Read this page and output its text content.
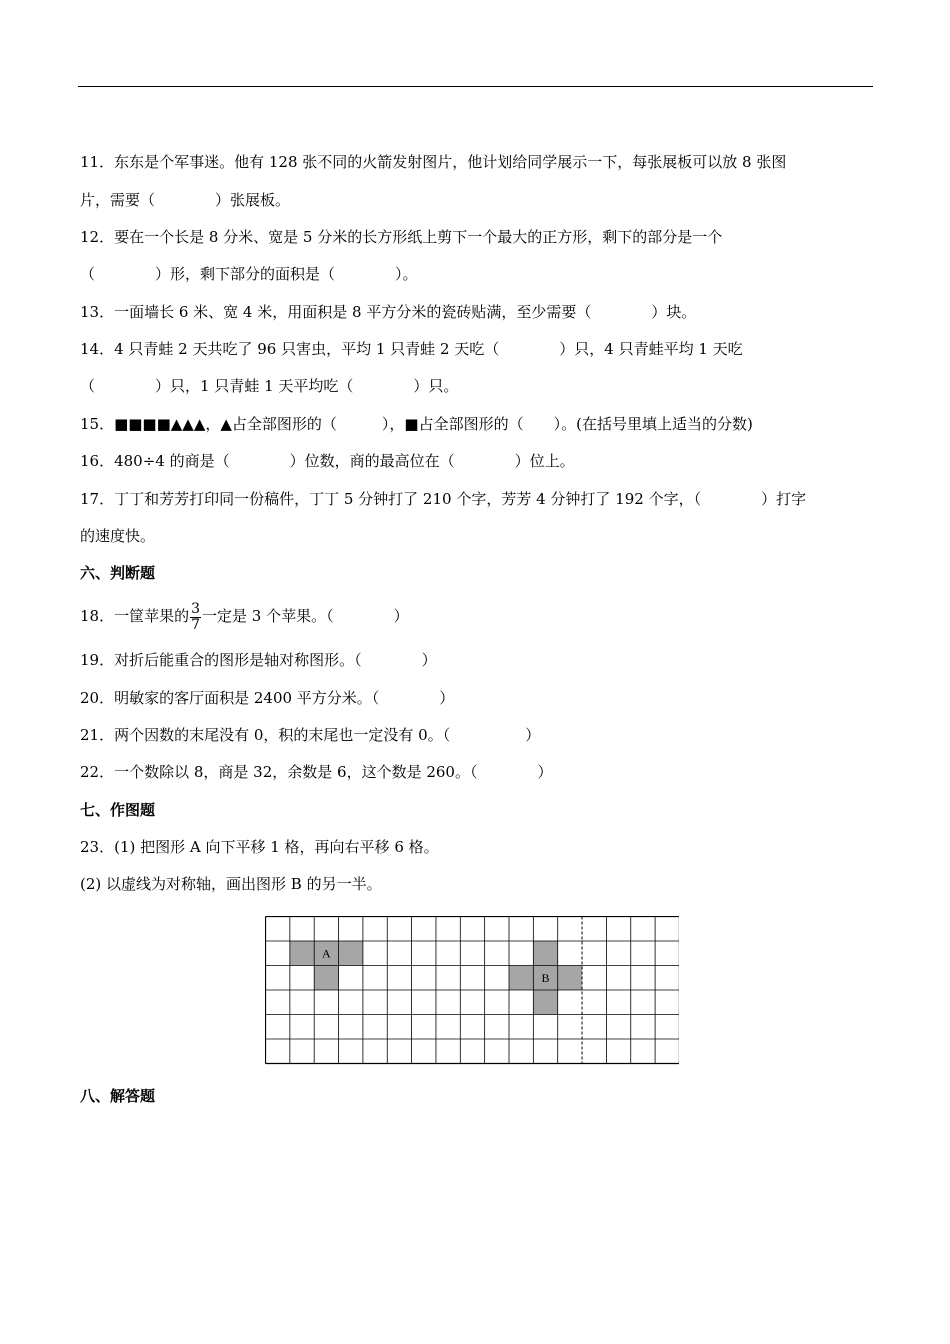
11．东东是个军事迷。他有 128 张不同的火箭发射图片，他计划给同学展示一下，每张展板可以放 8 张图
片，需要（　　　　）张展板。
12．要在一个长是 8 分米、宽是 5 分米的长方形纸上剪下一个最大的正方形，剩下的部分是一个
（　　　　）形，剩下部分的面积是（　　　　）。
13．一面墙长 6 米、宽 4 米，用面积是 8 平方分米的瓷砖贴满，至少需要（　　　　）块。
14．4 只青蛙 2 天共吃了 96 只害虫，平均 1 只青蛙 2 天吃（　　　　）只，4 只青蛙平均 1 天吃
（　　　　）只，1 只青蛙 1 天平均吃（　　　　）只。
15．■■■■▲▲▲，▲占全部图形的（　　　），■占全部图形的（　　）。(在括号里填上适当的分数)
16．480÷4 的商是（　　　　）位数，商的最高位在（　　　　）位上。
17．丁丁和芳芳打印同一份稿件，丁丁 5 分钟打了 210 个字，芳芳 4 分钟打了 192 个字，（　　　　）打字
的速度快。
六、判断题
18．一筐苹果的 $\frac{3}{7}$ 一定是 3 个苹果。（　　　　）
19．对折后能重合的图形是轴对称图形。（　　　　）
20．明敏家的客厅面积是 2400 平方分米。（　　　　）
21．两个因数的末尾没有 0，积的末尾也一定没有 0。（　　　　　）
22．一个数除以 8，商是 32，余数是 6，这个数是 260。（　　　　）
七、作图题
23．(1) 把图形 A 向下平移 1 格，再向右平移 6 格。
(2) 以虚线为对称轴，画出图形 B 的另一半。
A
B
八、解答题
